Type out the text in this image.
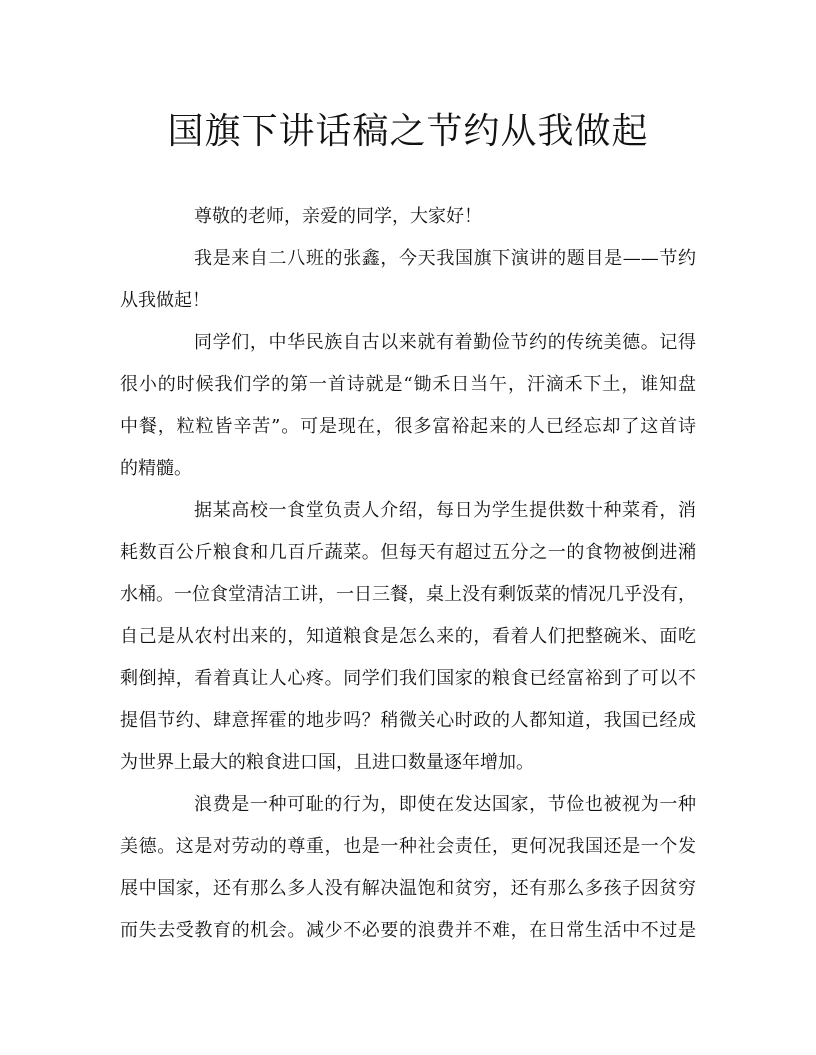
国旗下讲话稿之节约从我做起
尊敬的老师，亲爱的同学，大家好！
我是来自二八班的张鑫，今天我国旗下演讲的题目是——节约
从我做起！
同学们，中华民族自古以来就有着勤俭节约的传统美德。记得
很小的时候我们学的第一首诗就是“锄禾日当午，汗滴禾下土，谁知盘
中餐，粒粒皆辛苦”。可是现在，很多富裕起来的人已经忘却了这首诗
的精髓。
据某高校一食堂负责人介绍，每日为学生提供数十种菜肴，消
耗数百公斤粮食和几百斤蔬菜。但每天有超过五分之一的食物被倒进潲
水桶。一位食堂清洁工讲，一日三餐，桌上没有剩饭菜的情况几乎没有，
自己是从农村出来的，知道粮食是怎么来的，看着人们把整碗米、面吃
剩倒掉，看着真让人心疼。同学们我们国家的粮食已经富裕到了可以不
提倡节约、肆意挥霍的地步吗？稍微关心时政的人都知道，我国已经成
为世界上最大的粮食进口国，且进口数量逐年增加。
浪费是一种可耻的行为，即使在发达国家，节俭也被视为一种
美德。这是对劳动的尊重，也是一种社会责任，更何况我国还是一个发
展中国家，还有那么多人没有解决温饱和贫穷，还有那么多孩子因贫穷
而失去受教育的机会。减少不必要的浪费并不难，在日常生活中不过是
